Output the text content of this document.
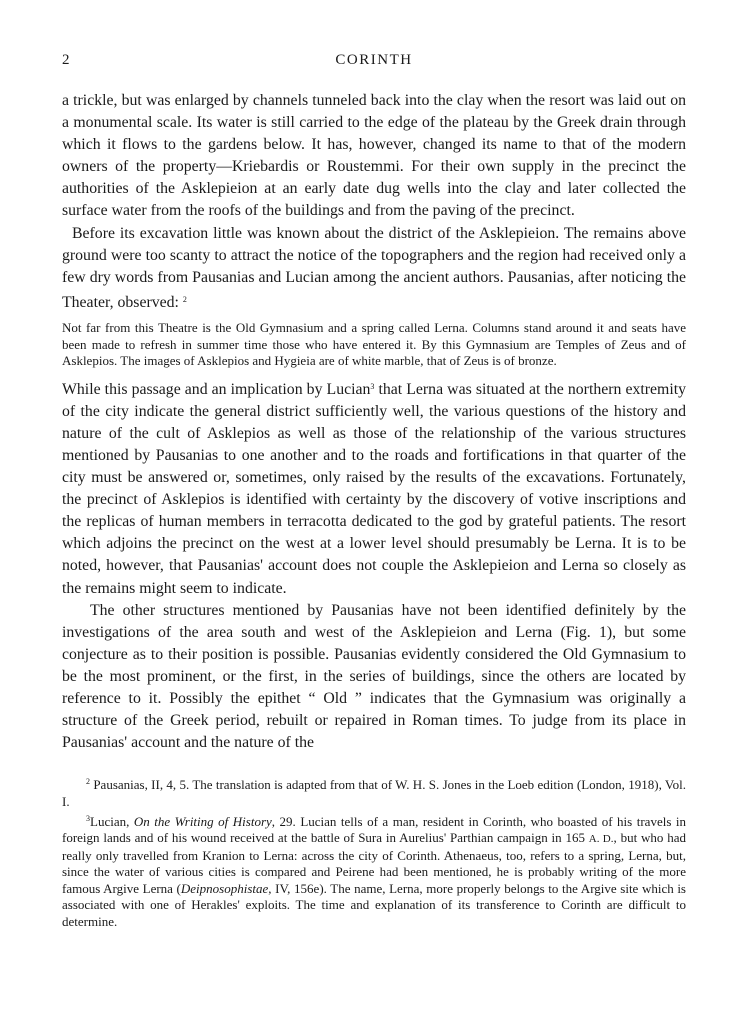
2	CORINTH

a trickle, but was enlarged by channels tunneled back into the clay when the resort was laid out on a monumental scale. Its water is still carried to the edge of the plateau by the Greek drain through which it flows to the gardens below. It has, however, changed its name to that of the modern owners of the property—Kriebardis or Roustemmi. For their own supply in the precinct the authorities of the Asklepieion at an early date dug wells into the clay and later collected the surface water from the roofs of the buildings and from the paving of the precinct.

Before its excavation little was known about the district of the Asklepieion. The remains above ground were too scanty to attract the notice of the topographers and the region had received only a few dry words from Pausanias and Lucian among the ancient authors. Pausanias, after noticing the Theater, observed: $^2$

Not far from this Theatre is the Old Gymnasium and a spring called Lerna. Columns stand around it and seats have been made to refresh in summer time those who have entered it. By this Gymnasium are Temples of Zeus and of Asklepios. The images of Asklepios and Hygieia are of white marble, that of Zeus is of bronze.

While this passage and an implication by Lucian$^3$ that Lerna was situated at the northern extremity of the city indicate the general district sufficiently well, the various questions of the history and nature of the cult of Asklepios as well as those of the relationship of the various structures mentioned by Pausanias to one another and to the roads and fortifications in that quarter of the city must be answered or, sometimes, only raised by the results of the excavations. Fortunately, the precinct of Asklepios is identified with certainty by the discovery of votive inscriptions and the replicas of human members in terracotta dedicated to the god by grateful patients. The resort which adjoins the precinct on the west at a lower level should presumably be Lerna. It is to be noted, however, that Pausanias' account does not couple the Asklepieion and Lerna so closely as the remains might seem to indicate.

The other structures mentioned by Pausanias have not been identified definitely by the investigations of the area south and west of the Asklepieion and Lerna (Fig. 1), but some conjecture as to their position is possible. Pausanias evidently considered the Old Gymnasium to be the most prominent, or the first, in the series of buildings, since the others are located by reference to it. Possibly the epithet “ Old ” indicates that the Gymnasium was originally a structure of the Greek period, rebuilt or repaired in Roman times. To judge from its place in Pausanias' account and the nature of the

$^2$ Pausanias, II, 4, 5. The translation is adapted from that of W. H. S. Jones in the Loeb edition (London, 1918), Vol. I.

$^3$Lucian, On the Writing of History, 29. Lucian tells of a man, resident in Corinth, who boasted of his travels in foreign lands and of his wound received at the battle of Sura in Aurelius' Parthian campaign in 165 A. D., but who had really only travelled from Kranion to Lerna: across the city of Corinth. Athenaeus, too, refers to a spring, Lerna, but, since the water of various cities is compared and Peirene had been mentioned, he is probably writing of the more famous Argive Lerna (Deipnosophistae, IV, 156e). The name, Lerna, more properly belongs to the Argive site which is associated with one of Herakles' exploits. The time and explanation of its transference to Corinth are difficult to determine.
